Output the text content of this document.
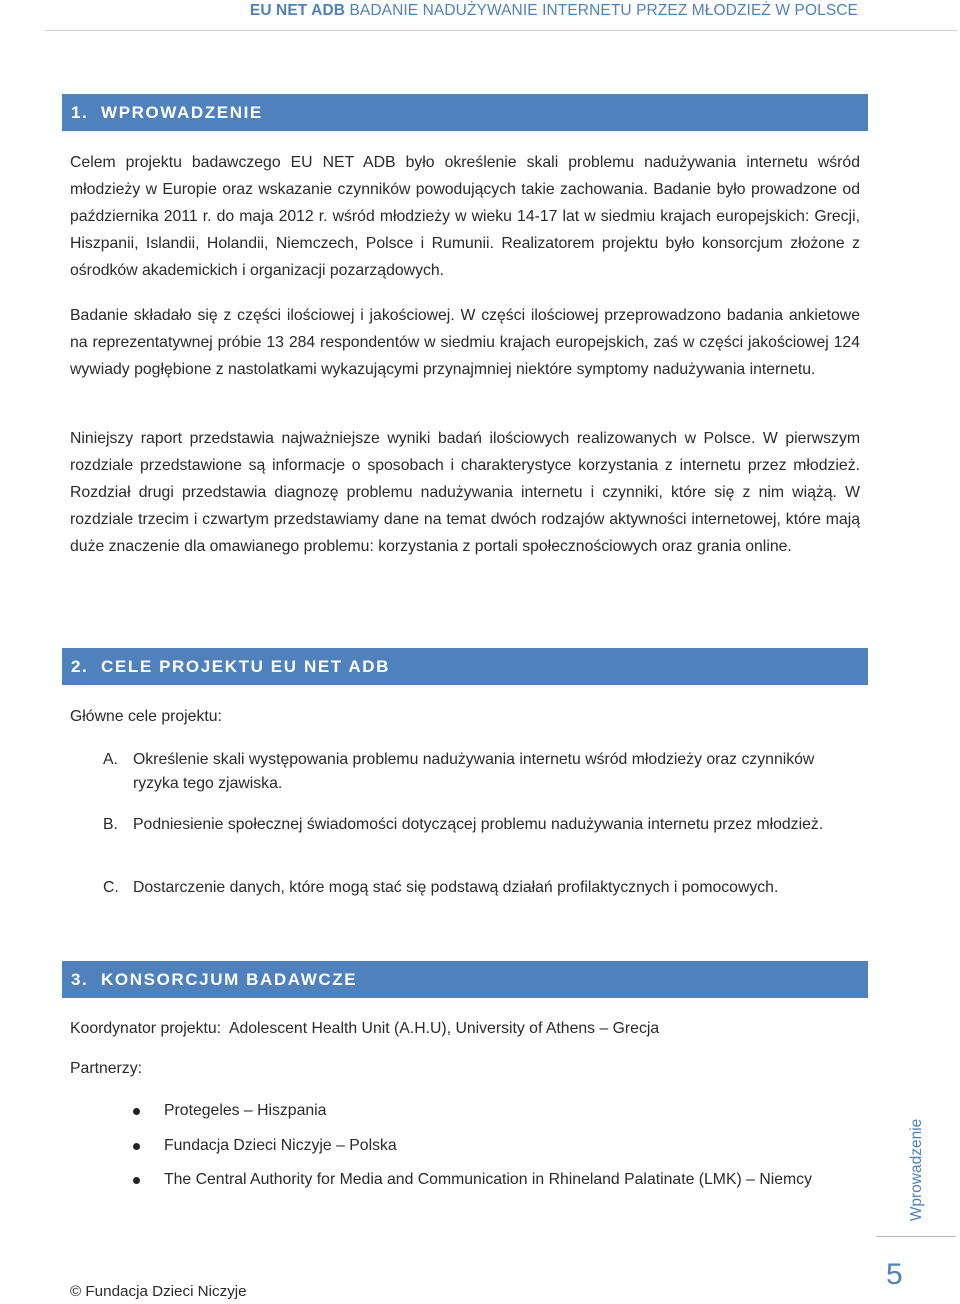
EU NET ADB BADANIE NADUŻYWANIE INTERNETU PRZEZ MŁODZIEŻ W POLSCE
1. WPROWADZENIE

Celem projektu badawczego EU NET ADB było określenie skali problemu nadużywania internetu wśród młodzieży w Europie oraz wskazanie czynników powodujących takie zachowania. Badanie było prowadzone od października 2011 r. do maja 2012 r. wśród młodzieży w wieku 14-17 lat w siedmiu krajach europejskich: Grecji, Hiszpanii, Islandii, Holandii, Niemczech, Polsce i Rumunii. Realizatorem projektu było konsorcjum złożone z ośrodków akademickich i organizacji pozarządowych.

Badanie składało się z części ilościowej i jakościowej. W części ilościowej przeprowadzono badania ankietowe na reprezentatywnej próbie 13 284 respondentów w siedmiu krajach europejskich, zaś w części jakościowej 124 wywiady pogłębione z nastolatkami wykazującymi przynajmniej niektóre symptomy nadużywania internetu.

Niniejszy raport przedstawia najważniejsze wyniki badań ilościowych realizowanych w Polsce. W pierwszym rozdziale przedstawione są informacje o sposobach i charakterystyce korzystania z internetu przez młodzież. Rozdział drugi przedstawia diagnozę problemu nadużywania internetu i czynniki, które się z nim wiążą. W rozdziale trzecim i czwartym przedstawiamy dane na temat dwóch rodzajów aktywności internetowej, które mają duże znaczenie dla omawianego problemu: korzystania z portali społecznościowych oraz grania online.

2. CELE PROJEKTU EU NET ADB
Główne cele projektu:
A. Określenie skali występowania problemu nadużywania internetu wśród młodzieży oraz czynników ryzyka tego zjawiska.
B. Podniesienie społecznej świadomości dotyczącej problemu nadużywania internetu przez młodzież.
C. Dostarczenie danych, które mogą stać się podstawą działań profilaktycznych i pomocowych.
3. KONSORCJUM BADAWCZE
Koordynator projektu:  Adolescent Health Unit (A.H.U), University of Athens – Grecja
Partnerzy:
Protegeles – Hiszpania
Fundacja Dzieci Niczyje – Polska
The Central Authority for Media and Communication in Rhineland Palatinate (LMK) – Niemcy	Wprowadzenie
5
© Fundacja Dzieci Niczyje
